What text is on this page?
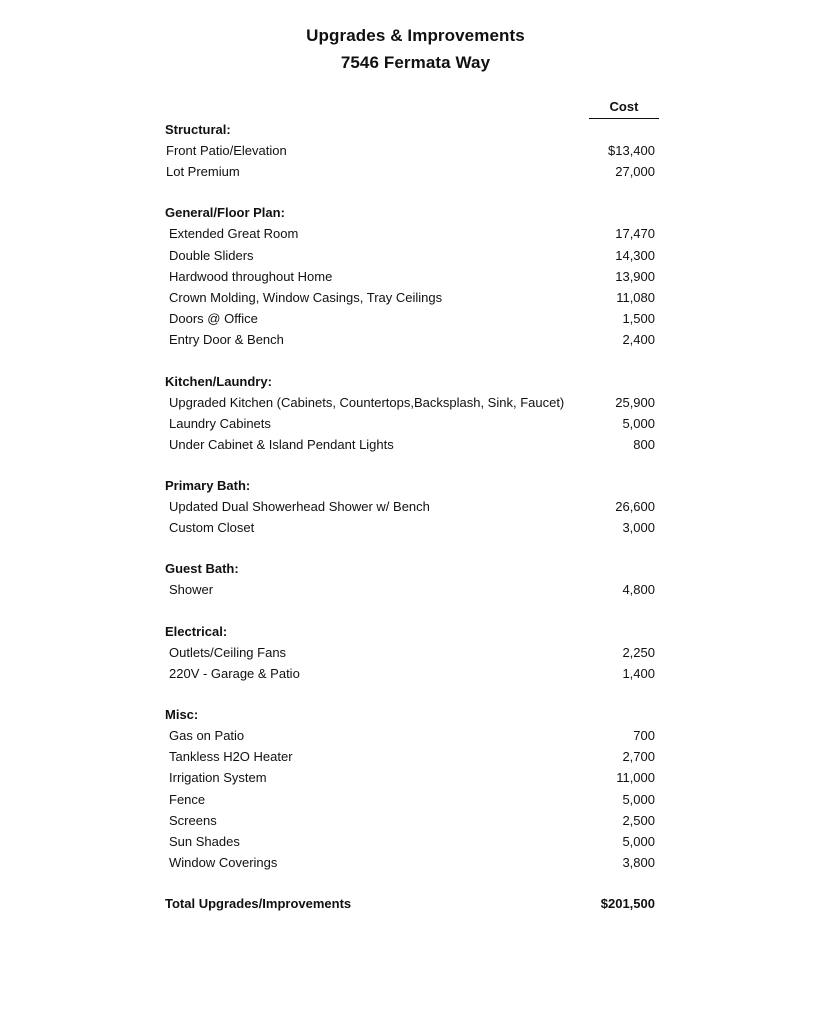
Upgrades & Improvements
7546 Fermata Way
Cost
Structural:
Front Patio/Elevation	$13,400
Lot Premium	27,000
General/Floor Plan:
Extended Great Room	17,470
Double Sliders	14,300
Hardwood throughout Home	13,900
Crown Molding, Window Casings, Tray Ceilings	11,080
Doors @ Office	1,500
Entry Door & Bench	2,400
Kitchen/Laundry:
Upgraded Kitchen (Cabinets, Countertops,Backsplash, Sink, Faucet)	25,900
Laundry Cabinets	5,000
Under Cabinet & Island Pendant Lights	800
Primary Bath:
Updated Dual Showerhead Shower w/ Bench	26,600
Custom Closet	3,000
Guest Bath:
Shower	4,800
Electrical:
Outlets/Ceiling Fans	2,250
220V - Garage & Patio	1,400
Misc:
Gas on Patio	700
Tankless H2O Heater	2,700
Irrigation System	11,000
Fence	5,000
Screens	2,500
Sun Shades	5,000
Window Coverings	3,800
Total Upgrades/Improvements	$201,500
